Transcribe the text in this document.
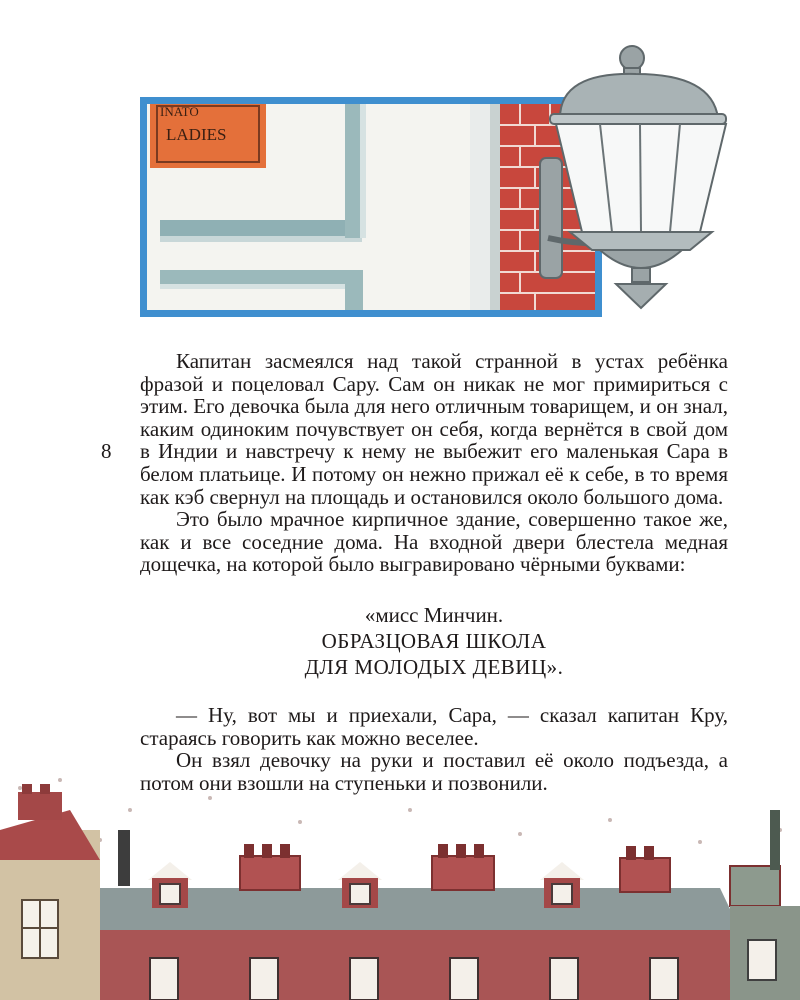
INATO
LADIES
8

Капитан засмеялся над такой странной в устах ребёнка фразой и поцеловал Сару. Сам он никак не мог примириться с этим. Его девочка была для него отличным товарищем, и он знал, каким одиноким почувствует он себя, когда вернётся в свой дом в Индии и навстречу к нему не выбежит его маленькая Сара в белом платьице. И потому он нежно прижал её к себе, в то время как кэб свернул на площадь и остановился около большого дома.

Это было мрачное кирпичное здание, совершенно такое же, как и все соседние дома. На входной двери блестела медная дощечка, на которой было выгравировано чёрными буквами:

«мисс Минчин.
ОБРАЗЦОВАЯ ШКОЛА
ДЛЯ МОЛОДЫХ ДЕВИЦ».

— Ну, вот мы и приехали, Сара, — сказал капитан Кру, стараясь говорить как можно веселее.

Он взял девочку на руки и поставил её около подъезда, а потом они взошли на ступеньки и позвонили.
